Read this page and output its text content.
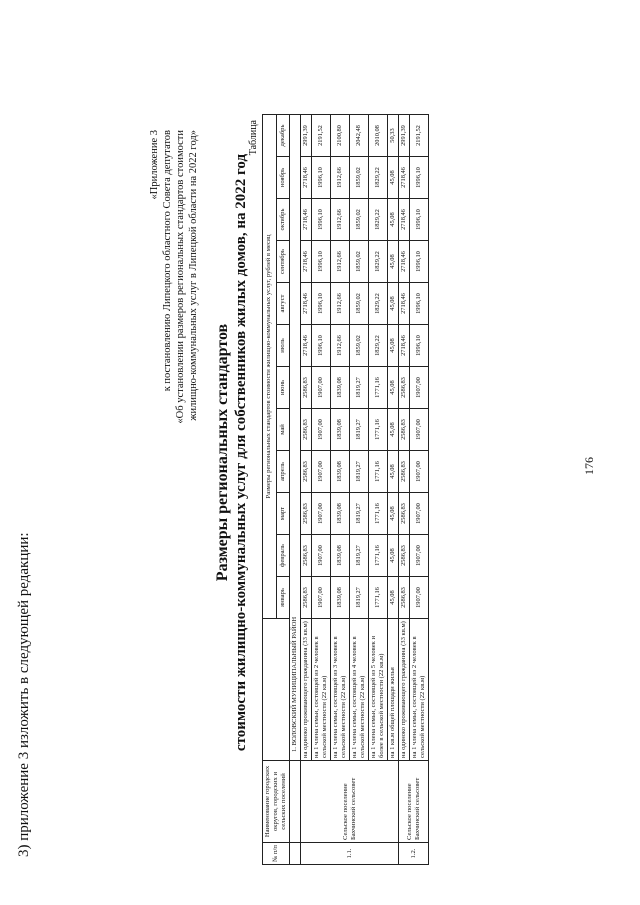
3) приложение 3 изложить в следующей редакции:
«Приложение 3 к постановлению Липецкого областного Совета депутатов «Об установлении размеров региональных стандартов стоимости жилищно-коммунальных услуг в Липецкой области на 2022 год»
Размеры региональных стандартов стоимости жилищно-коммунальных услуг для собственников жилых домов, на 2022 год
Таблица
№ п/п	Наименование городских округов, городских и сельских поселений		Размеры региональных стандартов стоимости жилищно-коммунальных услуг, рублей в месяц											
			январь	февраль	март	апрель	май	июнь	июль	август	сентябрь	октябрь	ноябрь	декабрь
		1. ВОЛОВСКИЙ МУНИЦИПАЛЬНЫЙ РАЙОН												
1.1.	Сельское поселение Бахчинский сельсовет	на одиноко проживающего гражданина (33 кв.м)	2586,83	2586,83	2586,83	2586,83	2586,83	2586,83	2718,46	2718,46	2718,46	2718,46	2718,46	2991,39
		на 1 члена семьи, состоящей из 2 человек в сельской местности (22 кв.м)	1907,00	1907,00	1907,00	1907,00	1907,00	1907,00	1996,10	1996,10	1996,10	1996,10	1996,10	2191,52
		на 1 члена семьи, состоящей из 3 человек в сельской местности (22 кв.м)	1839,08	1839,08	1839,08	1839,08	1839,08	1839,08	1912,66	1912,66	1912,66	1912,66	1912,66	2100,80
		на 1 члена семьи, состоящей из 4 человек в сельской местности (22 кв.м)	1819,27	1819,27	1819,27	1819,27	1819,27	1819,27	1859,02	1859,02	1859,02	1859,02	1859,02	2042,48
		на 1 члена семьи, состоящей из 5 человек и более в сельской местности (22 кв.м)	1771,16	1771,16	1771,16	1771,16	1771,16	1771,16	1829,22	1829,22	1829,22	1829,22	1829,22	2010,08
		на 1 кв.м общей площади жилья	45,08	45,08	45,08	45,08	45,08	45,08	45,08	45,08	45,08	45,08	45,08	50,33
1.2.	Сельское поселение Бахчинский сельсовет	на одиноко проживающего гражданина (33 кв.м)	2586,83	2586,83	2586,83	2586,83	2586,83	2586,83	2718,46	2718,46	2718,46	2718,46	2718,46	2991,39
		на 1 члена семьи, состоящей из 2 человек в сельской местности (22 кв.м)	1907,00	1907,00	1907,00	1907,00	1907,00	1907,00	1996,10	1996,10	1996,10	1996,10	1996,10	2191,52
176
